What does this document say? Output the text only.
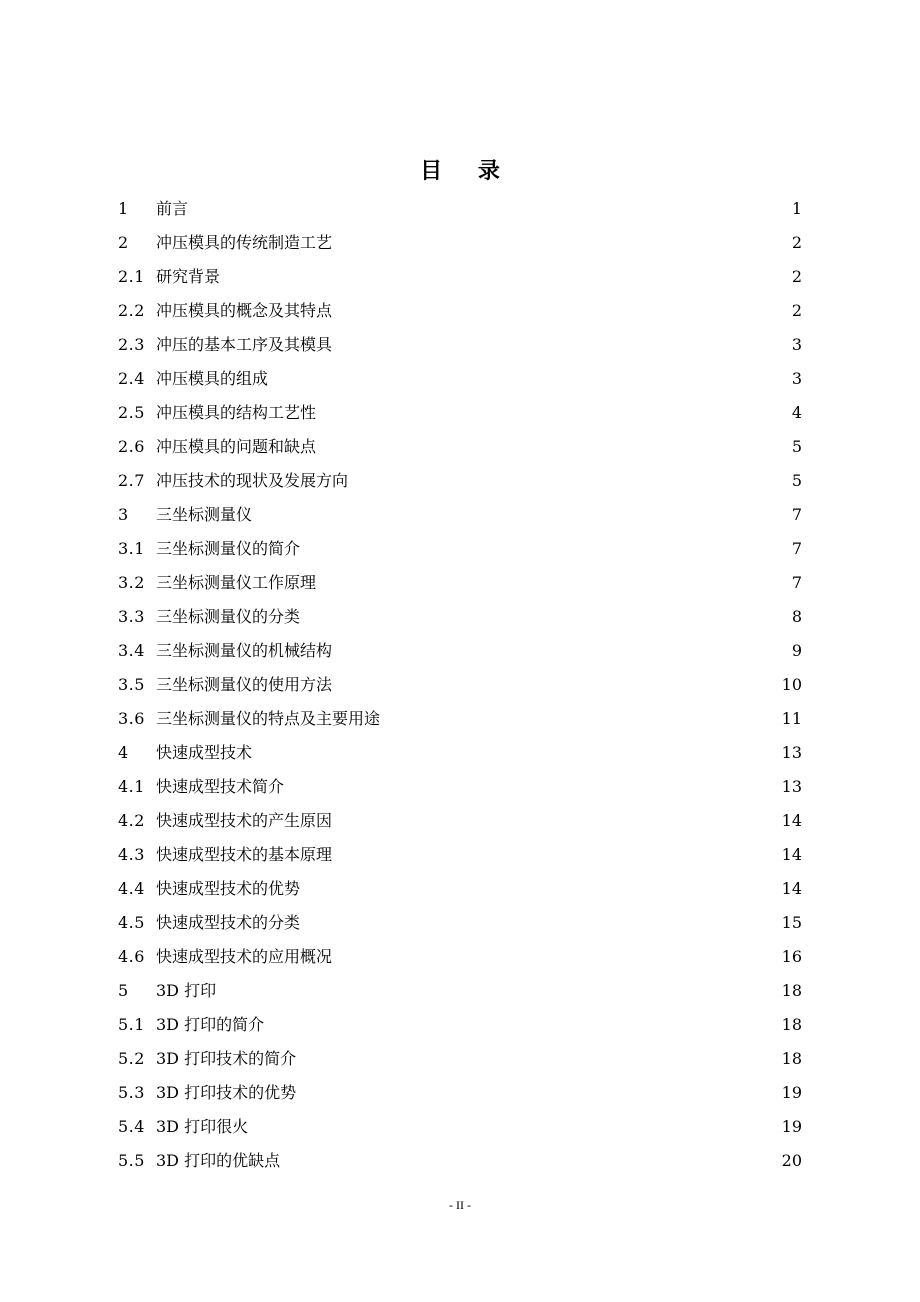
目 录
1	前言	1
2	冲压模具的传统制造工艺	2
2.1 研究背景	2
2.2 冲压模具的概念及其特点	2
2.3 冲压的基本工序及其模具	3
2.4 冲压模具的组成	3
2.5 冲压模具的结构工艺性	4
2.6 冲压模具的问题和缺点	5
2.7 冲压技术的现状及发展方向	5
3	三坐标测量仪	7
3.1 三坐标测量仪的简介	7
3.2 三坐标测量仪工作原理	7
3.3 三坐标测量仪的分类	8
3.4 三坐标测量仪的机械结构	9
3.5 三坐标测量仪的使用方法	10
3.6 三坐标测量仪的特点及主要用途	11
4	快速成型技术	13
4.1 快速成型技术简介	13
4.2 快速成型技术的产生原因	14
4.3 快速成型技术的基本原理	14
4.4 快速成型技术的优势	14
4.5 快速成型技术的分类	15
4.6 快速成型技术的应用概况	16
5	3D 打印	18
5.1 3D 打印的简介	18
5.2 3D 打印技术的简介	18
5.3 3D 打印技术的优势	19
5.4 3D 打印很火	19
5.5 3D 打印的优缺点	20
- II -
